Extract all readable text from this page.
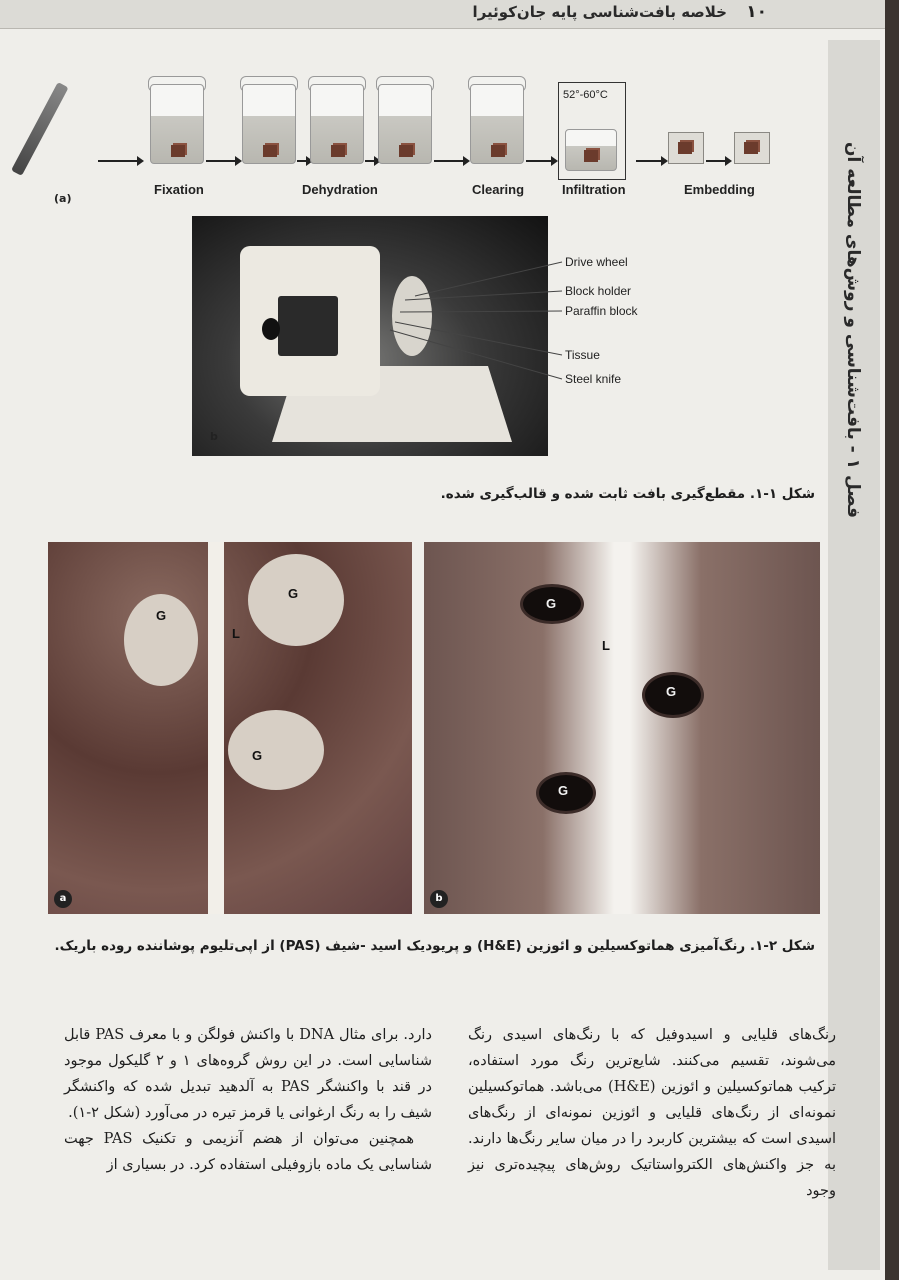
خلاصه بافت‌شناسی پایه جان‌کوئیرا ۱۰
فصل ۱ - بافت‌شناسی و روش‌های مطالعه آن
(a)
52°-60°C
Fixation	Dehydration	Clearing	Infiltration	Embedding
b
Drive wheel
Block holder
Paraffin block
Tissue
Steel knife
شکل ۱-۱. مقطع‌گیری بافت ثابت شده و قالب‌گیری شده.
G
L
G
G
a
G
L
G
G
b
شکل ۲-۱. رنگ‌آمیزی هماتوکسیلین و ائوزین (H&E) و پریودیک اسید -شیف (PAS) از اپی‌تلیوم پوشاننده روده باریک.

رنگ‌های قلیایی و اسیدوفیل که با رنگ‌های اسیدی رنگ می‌شوند، تقسیم می‌کنند. شایع‌ترین رنگ مورد استفاده، ترکیب هماتوکسیلین و ائوزین (H&E) می‌باشد. هماتوکسیلین نمونه‌ای از رنگ‌های قلیایی و ائوزین نمونه‌ای از رنگ‌های اسیدی است که بیشترین کاربرد را در میان سایر رنگ‌ها دارند. به جز واکنش‌های الکترواستاتیک روش‌های پیچیده‌تری نیز وجود

دارد. برای مثال DNA با واکنش فولگن و با معرف PAS قابل شناسایی است. در این روش گروه‌های ۱ و ۲ گلیکول موجود در قند با واکنشگر PAS به آلدهید تبدیل شده که واکنشگر شیف را به رنگ ارغوانی یا قرمز تیره در می‌آورد (شکل ۲-۱).

همچنین می‌توان از هضم آنزیمی و تکنیک PAS جهت شناسایی یک ماده بازوفیلی استفاده کرد. در بسیاری از
